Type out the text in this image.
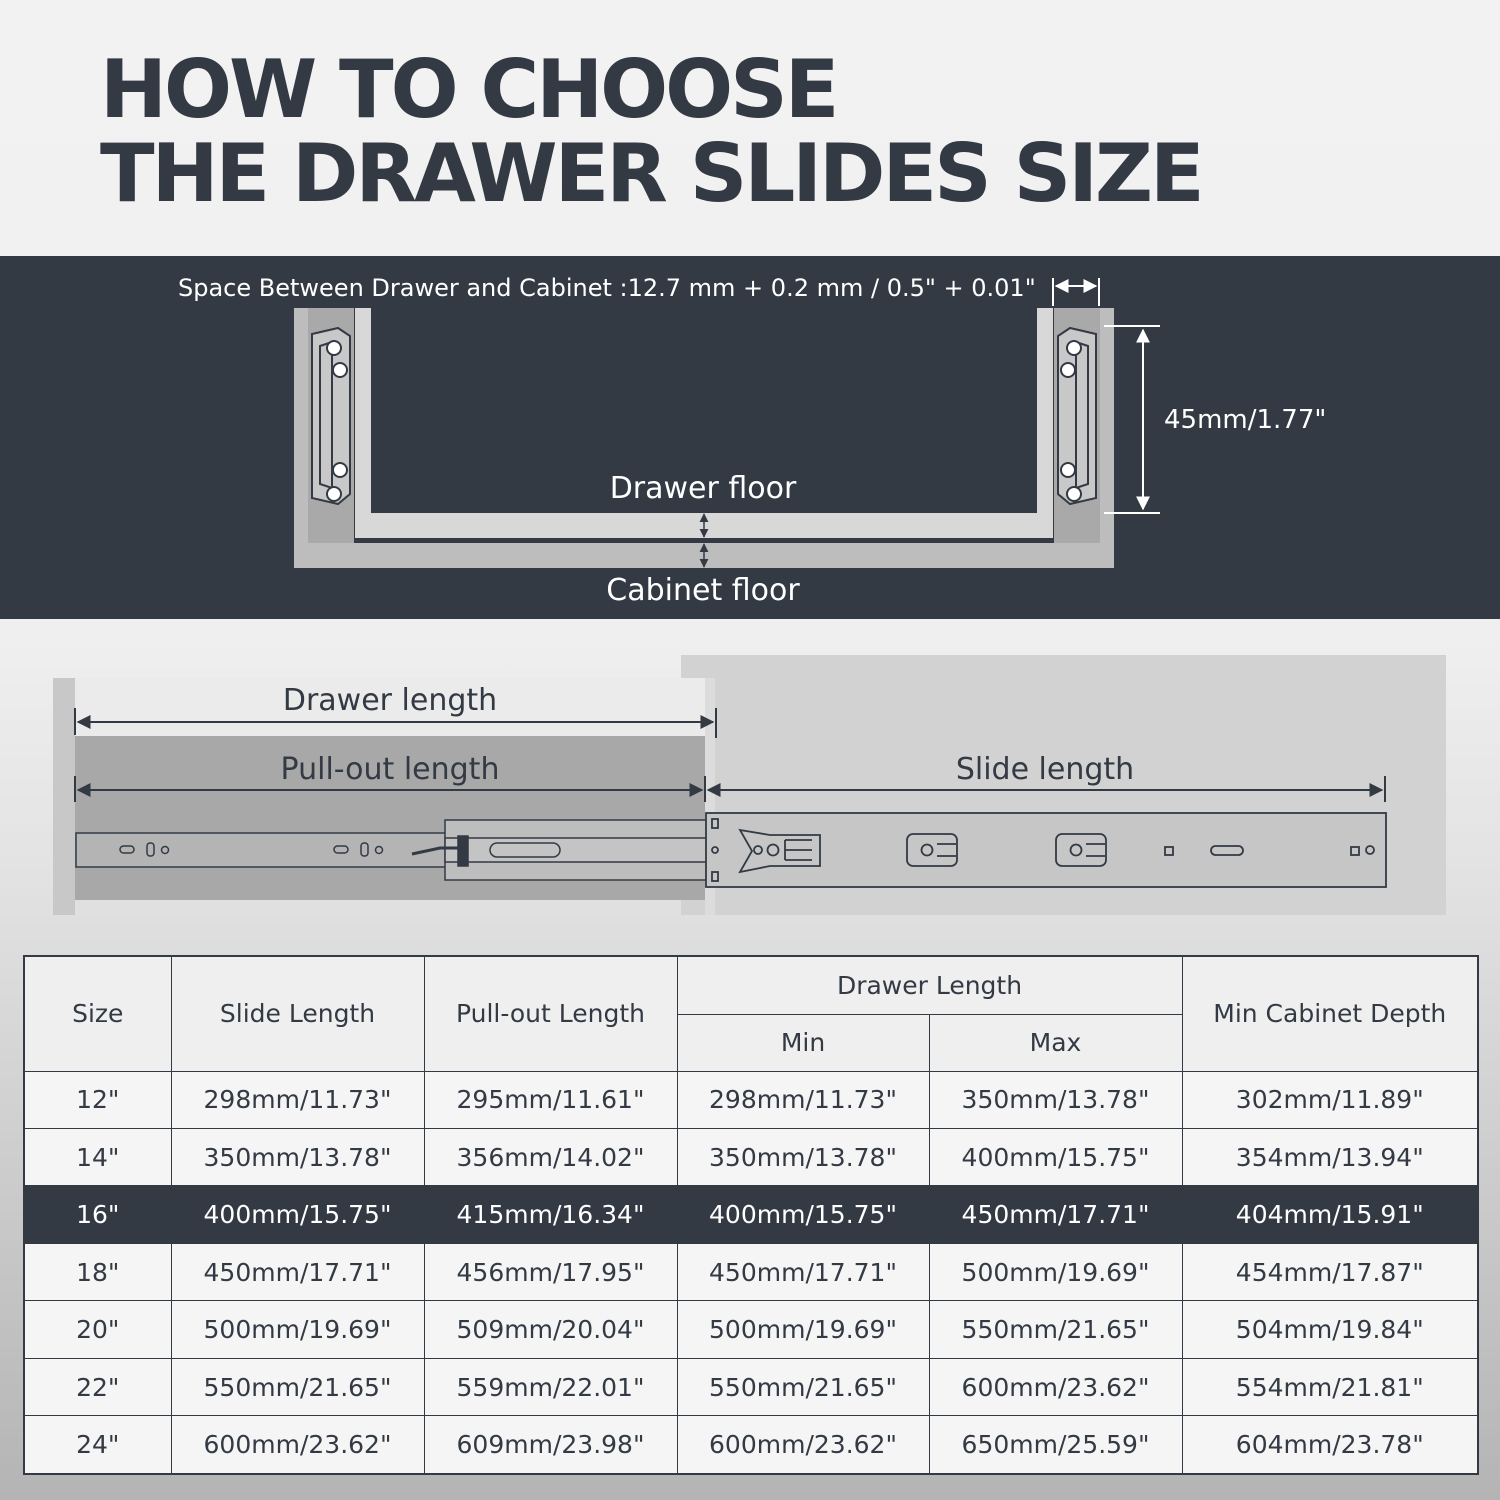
HOW TO CHOOSE
THE DRAWER SLIDES SIZE
Space Between Drawer and Cabinet :12.7 mm + 0.2 mm / 0.5" + 0.01"
45mm/1.77"
Drawer floor
Cabinet floor
Drawer length
Pull-out length	Slide length
Size	Slide Length	Pull-out Length	Drawer Length		Min Cabinet Depth
			Min	Max	
12"	298mm/11.73"	295mm/11.61"	298mm/11.73"	350mm/13.78"	302mm/11.89"
14"	350mm/13.78"	356mm/14.02"	350mm/13.78"	400mm/15.75"	354mm/13.94"
16"	400mm/15.75"	415mm/16.34"	400mm/15.75"	450mm/17.71"	404mm/15.91"
18"	450mm/17.71"	456mm/17.95"	450mm/17.71"	500mm/19.69"	454mm/17.87"
20"	500mm/19.69"	509mm/20.04"	500mm/19.69"	550mm/21.65"	504mm/19.84"
22"	550mm/21.65"	559mm/22.01"	550mm/21.65"	600mm/23.62"	554mm/21.81"
24"	600mm/23.62"	609mm/23.98"	600mm/23.62"	650mm/25.59"	604mm/23.78"
